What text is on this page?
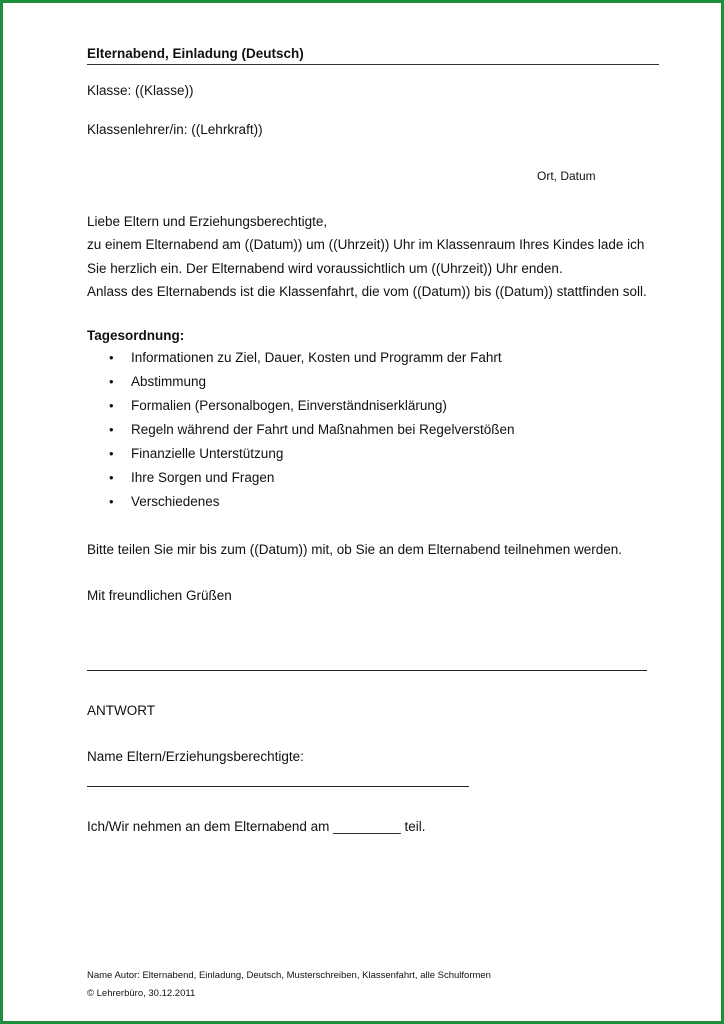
Elternabend, Einladung (Deutsch)
Klasse: ((Klasse))
Klassenlehrer/in: ((Lehrkraft))
Ort, Datum
Liebe Eltern und Erziehungsberechtigte,
zu einem Elternabend am ((Datum)) um ((Uhrzeit)) Uhr im Klassenraum Ihres Kindes lade ich
Sie herzlich ein. Der Elternabend wird voraussichtlich um ((Uhrzeit)) Uhr enden.
Anlass des Elternabends ist die Klassenfahrt, die vom ((Datum)) bis ((Datum)) stattfinden soll.
Tagesordnung:
• Informationen zu Ziel, Dauer, Kosten und Programm der Fahrt
• Abstimmung
• Formalien (Personalbogen, Einverständniserklärung)
• Regeln während der Fahrt und Maßnahmen bei Regelverstößen
• Finanzielle Unterstützung
• Ihre Sorgen und Fragen
• Verschiedenes
Bitte teilen Sie mir bis zum ((Datum)) mit, ob Sie an dem Elternabend teilnehmen werden.
Mit freundlichen Grüßen
ANTWORT
Name Eltern/Erziehungsberechtigte:
Ich/Wir nehmen an dem Elternabend am _________ teil.
Name Autor: Elternabend, Einladung, Deutsch, Musterschreiben, Klassenfahrt, alle Schulformen
© Lehrerbüro, 30.12.2011
